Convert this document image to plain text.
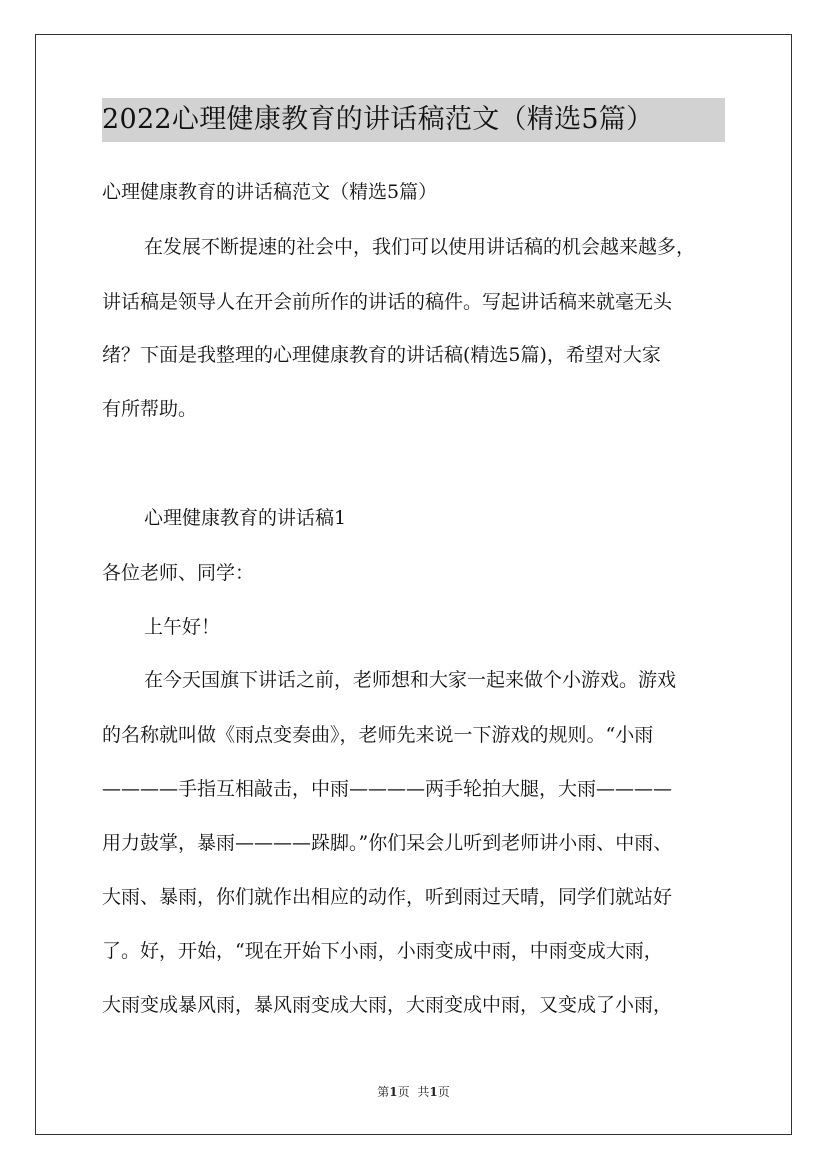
2022心理健康教育的讲话稿范文（精选5篇）
心理健康教育的讲话稿范文（精选5篇）
在发展不断提速的社会中，我们可以使用讲话稿的机会越来越多，
讲话稿是领导人在开会前所作的讲话的稿件。写起讲话稿来就毫无头
绪？下面是我整理的心理健康教育的讲话稿(精选5篇)，希望对大家
有所帮助。
心理健康教育的讲话稿1
各位老师、同学：
上午好！
在今天国旗下讲话之前，老师想和大家一起来做个小游戏。游戏
的名称就叫做《雨点变奏曲》，老师先来说一下游戏的规则。“小雨
————手指互相敲击，中雨————两手轮拍大腿，大雨————
用力鼓掌，暴雨————跺脚。”你们呆会儿听到老师讲小雨、中雨、
大雨、暴雨，你们就作出相应的动作，听到雨过天晴，同学们就站好
了。好，开始，“现在开始下小雨，小雨变成中雨，中雨变成大雨，
大雨变成暴风雨，暴风雨变成大雨，大雨变成中雨，又变成了小雨，
第1页 共1页
